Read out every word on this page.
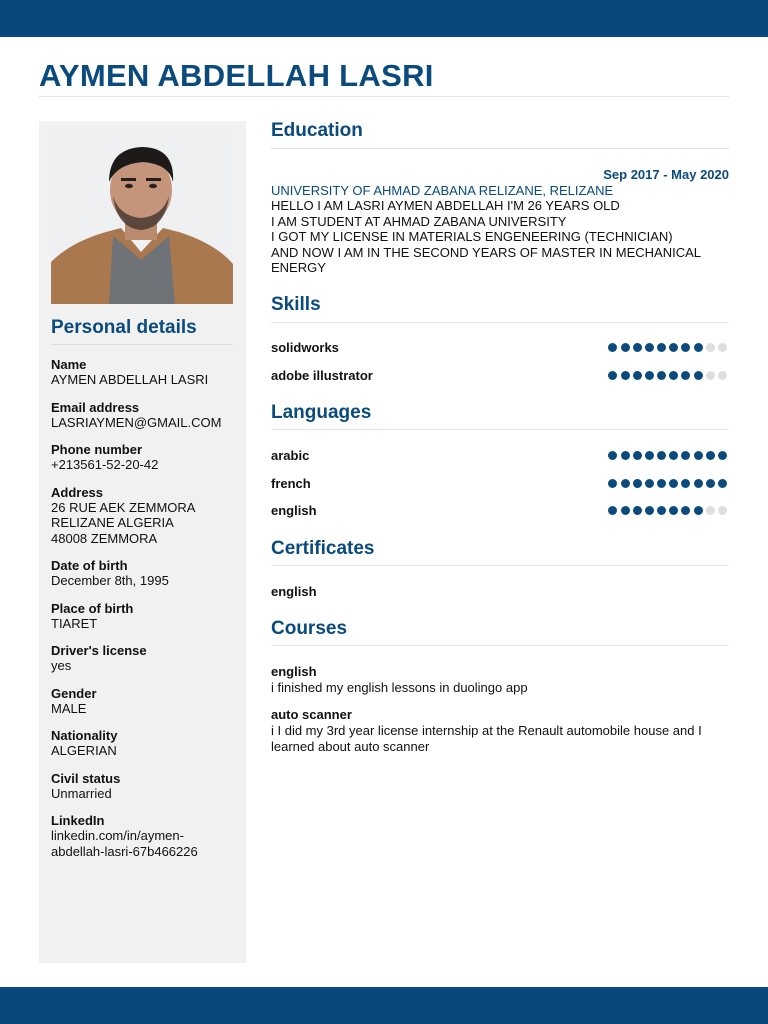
AYMEN ABDELLAH LASRI
Personal details
Name
AYMEN ABDELLAH LASRI
Email address
LASRIAYMEN@GMAIL.COM
Phone number
+213561-52-20-42
Address
26 RUE AEK ZEMMORA
RELIZANE ALGERIA
48008 ZEMMORA
Date of birth
December 8th, 1995
Place of birth
TIARET
Driver's license
yes
Gender
MALE
Nationality
ALGERIAN
Civil status
Unmarried
LinkedIn
linkedin.com/in/aymen-
abdellah-lasri-67b466226
Education
Sep 2017 - May 2020
UNIVERSITY OF AHMAD ZABANA RELIZANE, RELIZANE
HELLO I AM LASRI AYMEN ABDELLAH I'M 26 YEARS OLD
I AM STUDENT AT AHMAD ZABANA UNIVERSITY
I GOT MY LICENSE IN MATERIALS ENGENEERING (TECHNICIAN)
AND NOW I AM IN THE SECOND YEARS OF MASTER IN MECHANICAL
ENERGY
Skills
solidworks
adobe illustrator
Languages
arabic
french
english
Certificates
english
Courses
english
i finished my english lessons in duolingo app
auto scanner
i I did my 3rd year license internship at the Renault automobile house and I learned about auto scanner
